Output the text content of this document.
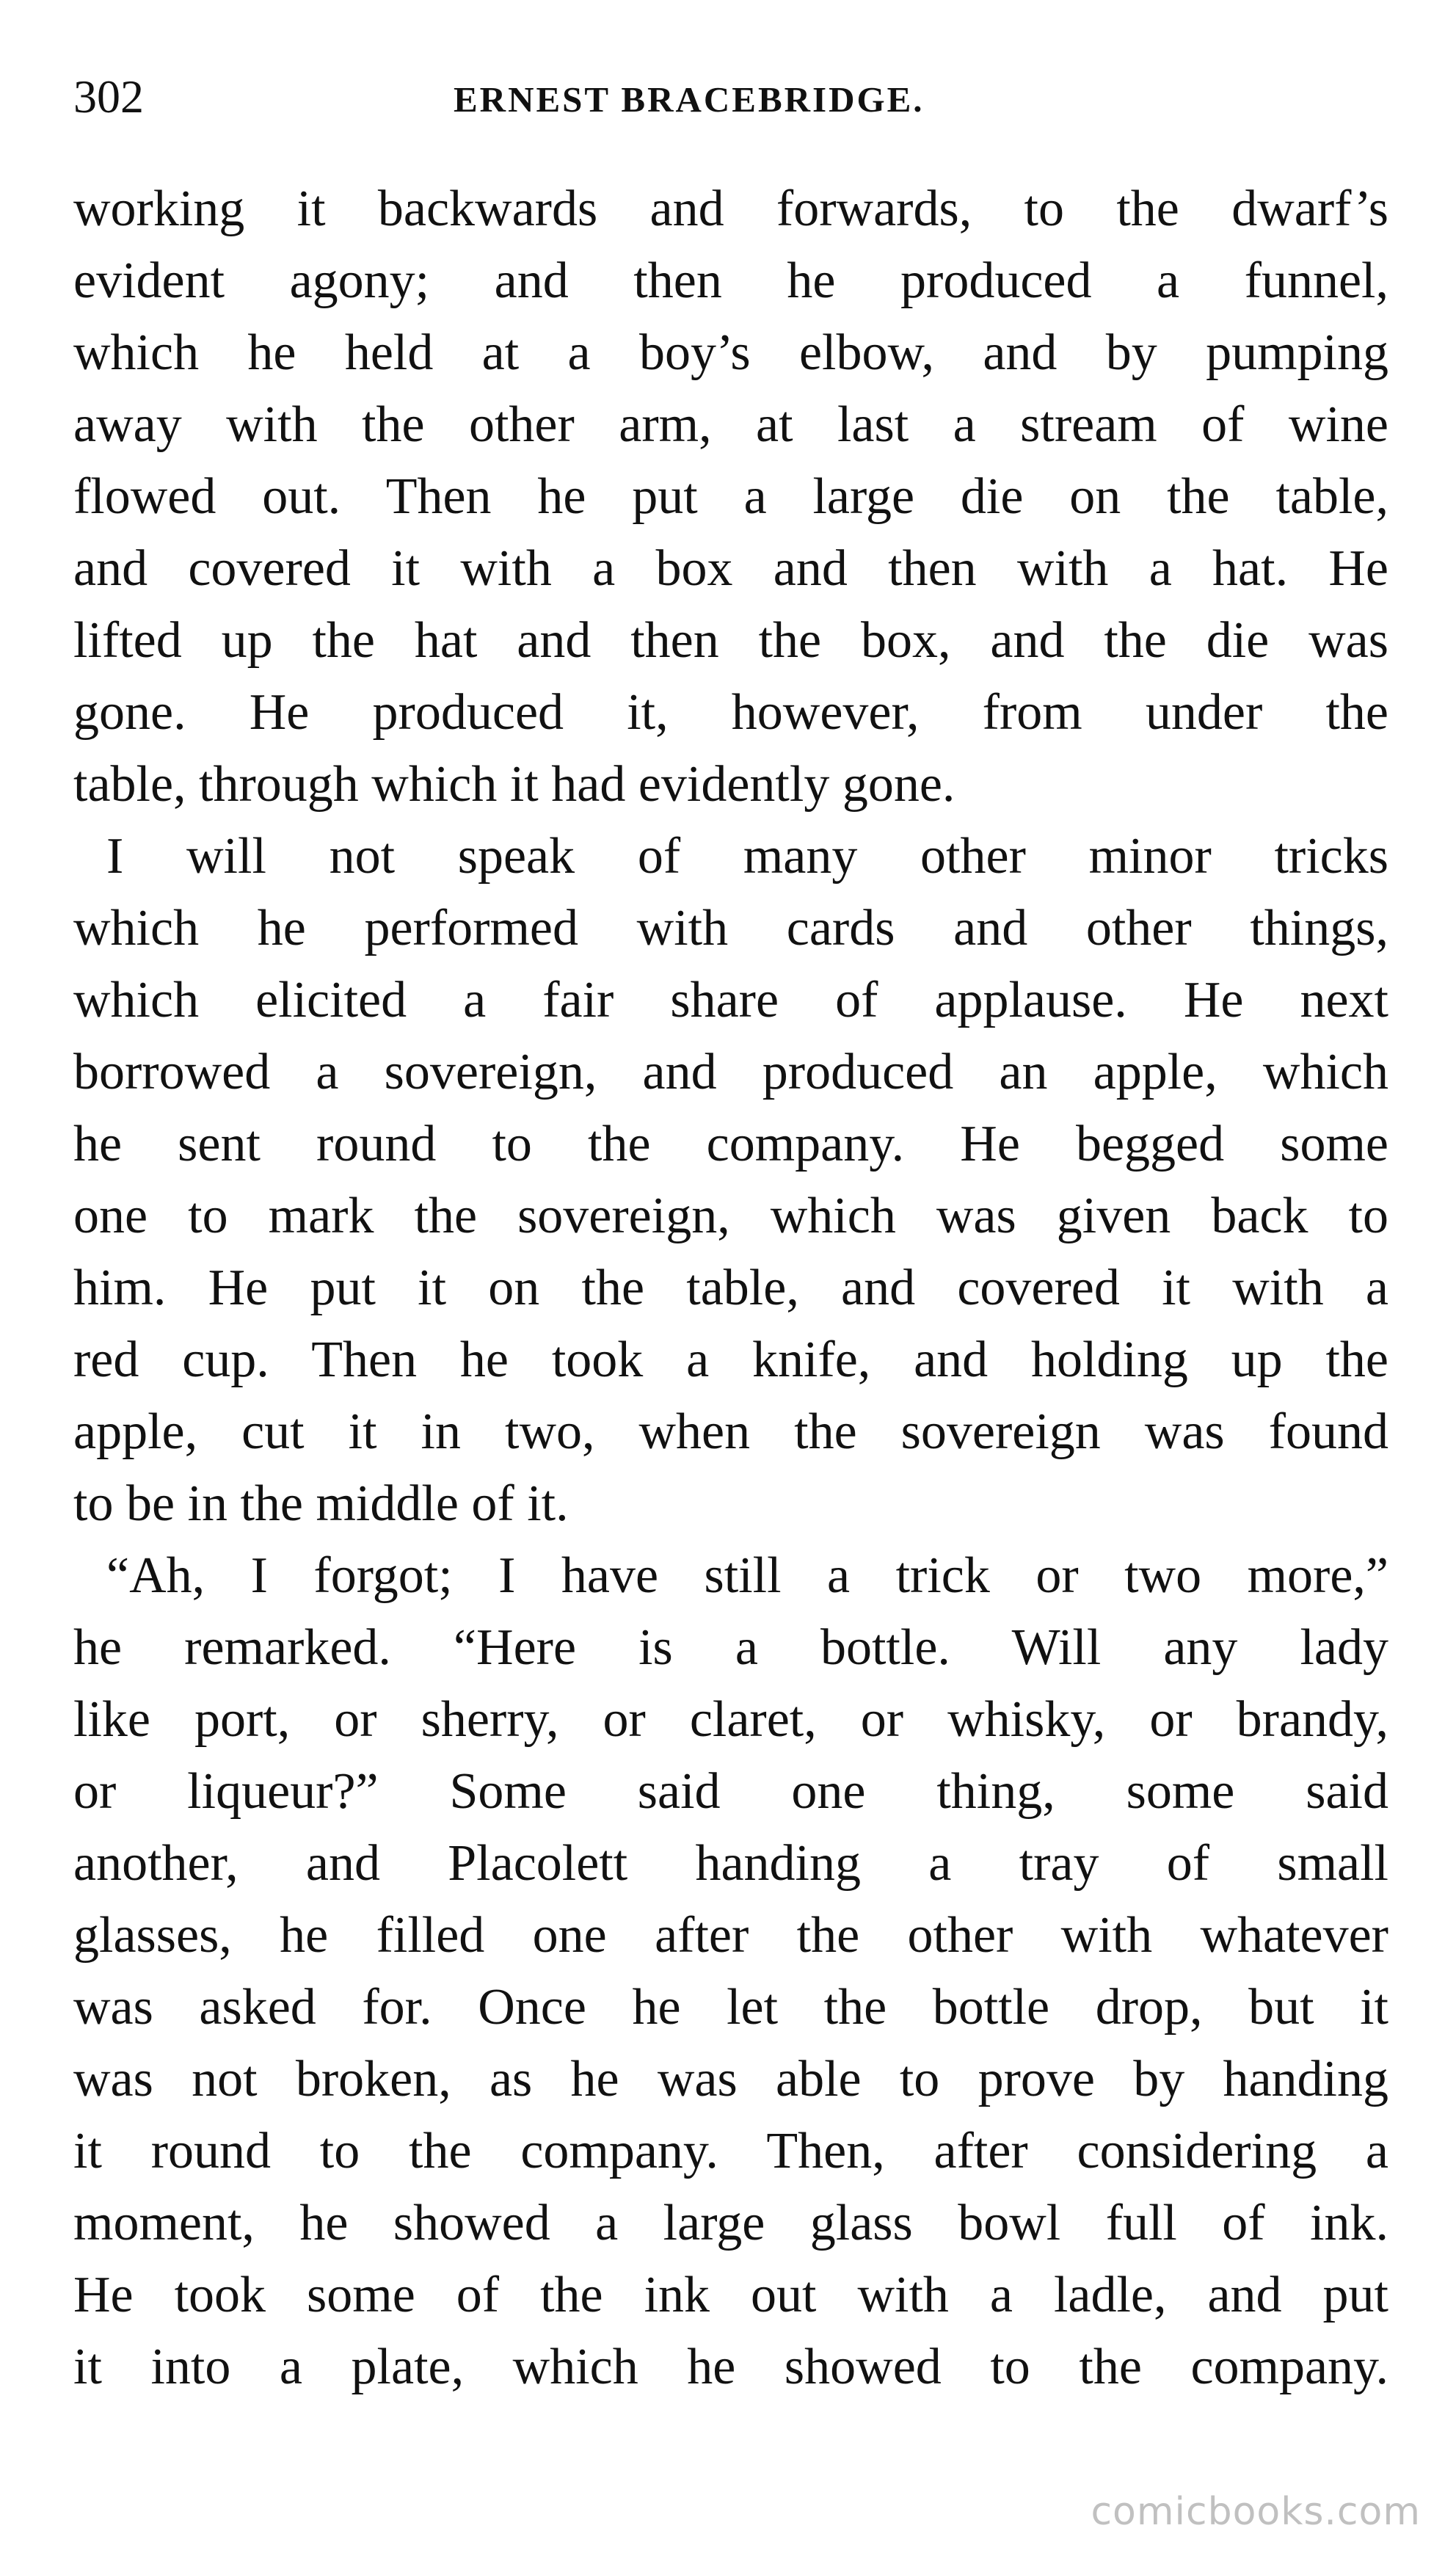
302	ERNEST BRACEBRIDGE.
working it backwards and forwards, to the dwarf’s
evident agony; and then he produced a funnel,
which he held at a boy’s elbow, and by pumping
away with the other arm, at last a stream of wine
flowed out. Then he put a large die on the table,
and covered it with a box and then with a hat. He
lifted up the hat and then the box, and the die was
gone. He produced it, however, from under the
table, through which it had evidently gone.
I will not speak of many other minor tricks
which he performed with cards and other things,
which elicited a fair share of applause. He next
borrowed a sovereign, and produced an apple, which
he sent round to the company. He begged some
one to mark the sovereign, which was given back to
him. He put it on the table, and covered it with a
red cup. Then he took a knife, and holding up the
apple, cut it in two, when the sovereign was found
to be in the middle of it.
“Ah, I forgot; I have still a trick or two more,”
he remarked. “Here is a bottle. Will any lady
like port, or sherry, or claret, or whisky, or brandy,
or liqueur?” Some said one thing, some said
another, and Placolett handing a tray of small
glasses, he filled one after the other with whatever
was asked for. Once he let the bottle drop, but it
was not broken, as he was able to prove by handing
it round to the company. Then, after considering a
moment, he showed a large glass bowl full of ink.
He took some of the ink out with a ladle, and put
it into a plate, which he showed to the company.
comicbooks.com
